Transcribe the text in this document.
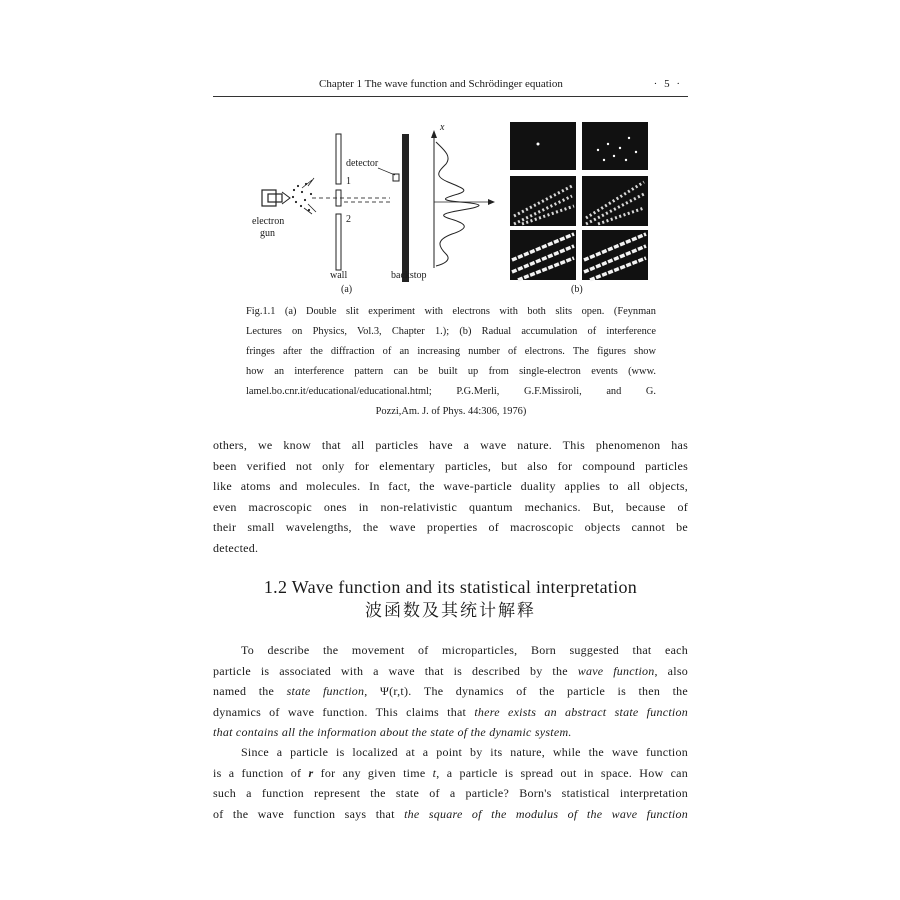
Chapter 1 The wave function and Schrödinger equation	· 5 ·
detector
1
2
electron
gun
wall	backstop
x
(a)	(b)
Fig.1.1 (a) Double slit experiment with electrons with both slits open. (Feynman
Lectures on Physics, Vol.3, Chapter 1.); (b) Radual accumulation of interference
fringes after the diffraction of an increasing number of electrons. The figures show
how an interference pattern can be built up from single-electron events (www.
lamel.bo.cnr.it/educational/educational.html; P.G.Merli, G.F.Missiroli, and G.
Pozzi,Am. J. of Phys. 44:306, 1976)
others, we know that all particles have a wave nature. This phenomenon has
been verified not only for elementary particles, but also for compound particles
like atoms and molecules. In fact, the wave-particle duality applies to all objects,
even macroscopic ones in non-relativistic quantum mechanics. But, because of
their small wavelengths, the wave properties of macroscopic objects cannot be
detected.
1.2 Wave function and its statistical interpretation
波函数及其统计解释
To describe the movement of microparticles, Born suggested that each
particle is associated with a wave that is described by the wave function, also
named the state function, Ψ(r,t). The dynamics of the particle is then the
dynamics of wave function. This claims that there exists an abstract state function
that contains all the information about the state of the dynamic system.
Since a particle is localized at a point by its nature, while the wave function
is a function of r for any given time t, a particle is spread out in space. How can
such a function represent the state of a particle? Born's statistical interpretation
of the wave function says that the square of the modulus of the wave function
